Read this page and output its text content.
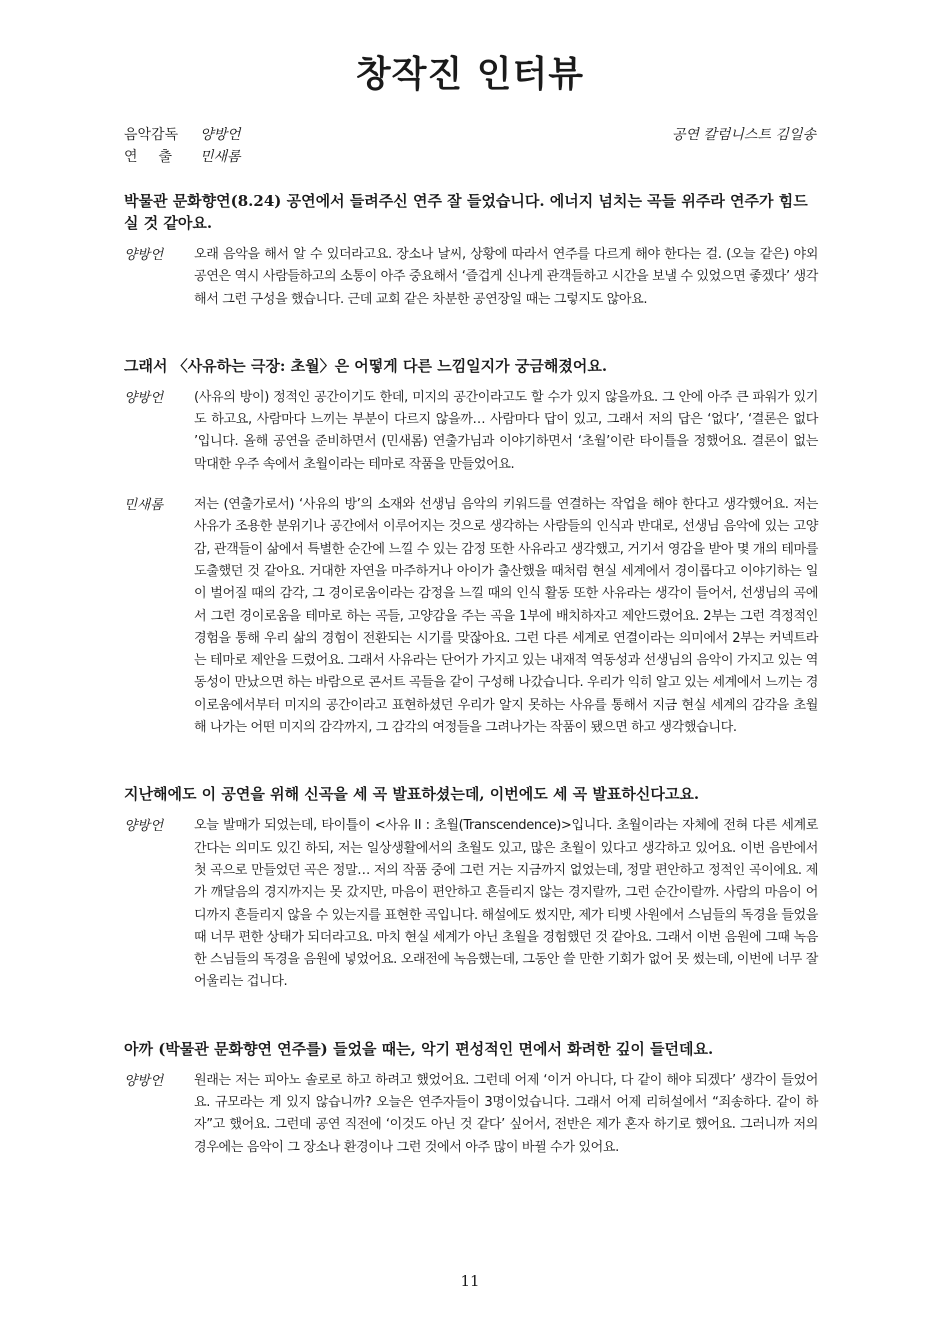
창작진 인터뷰
음악감독	양방언
연출 민새롬
공연 칼럼니스트 김일송

박물관 문화향연(8.24) 공연에서 들려주신 연주 잘 들었습니다. 에너지 넘치는 곡들 위주라 연주가 힘드실 것 같아요.

양방언	오래 음악을 해서 알 수 있더라고요. 장소나 날씨, 상황에 따라서 연주를 다르게 해야 한다는 걸. (오늘 같은) 야외 공연은 역시 사람들하고의 소통이 아주 중요해서 ‘즐겁게 신나게 관객들하고 시간을 보낼 수 있었으면 좋겠다’ 생각해서 그런 구성을 했습니다. 근데 교회 같은 차분한 공연장일 때는 그렇지도 않아요.

그래서 〈사유하는 극장: 초월〉은 어떻게 다른 느낌일지가 궁금해졌어요.

양방언	(사유의 방이) 정적인 공간이기도 한데, 미지의 공간이라고도 할 수가 있지 않을까요. 그 안에 아주 큰 파워가 있기도 하고요, 사람마다 느끼는 부분이 다르지 않을까… 사람마다 답이 있고, 그래서 저의 답은 ‘없다’, ‘결론은 없다 ’입니다. 올해 공연을 준비하면서 (민새롬) 연출가님과 이야기하면서 ‘초월’이란 타이틀을 정했어요. 결론이 없는 막대한 우주 속에서 초월이라는 테마로 작품을 만들었어요.

민새롬	저는 (연출가로서) ‘사유의 방’의 소재와 선생님 음악의 키워드를 연결하는 작업을 해야 한다고 생각했어요. 저는 사유가 조용한 분위기나 공간에서 이루어지는 것으로 생각하는 사람들의 인식과 반대로, 선생님 음악에 있는 고양감, 관객들이 삶에서 특별한 순간에 느낄 수 있는 감정 또한 사유라고 생각했고, 거기서 영감을 받아 몇 개의 테마를 도출했던 것 같아요. 거대한 자연을 마주하거나 아이가 출산했을 때처럼 현실 세계에서 경이롭다고 이야기하는 일이 벌어질 때의 감각, 그 경이로움이라는 감정을 느낄 때의 인식 활동 또한 사유라는 생각이 들어서, 선생님의 곡에서 그런 경이로움을 테마로 하는 곡들, 고양감을 주는 곡을 1부에 배치하자고 제안드렸어요. 2부는 그런 격정적인 경험을 통해 우리 삶의 경험이 전환되는 시기를 맞잖아요. 그런 다른 세계로 연결이라는 의미에서 2부는 커넥트라는 테마로 제안을 드렸어요. 그래서 사유라는 단어가 가지고 있는 내재적 역동성과 선생님의 음악이 가지고 있는 역동성이 만났으면 하는 바람으로 콘서트 곡들을 같이 구성해 나갔습니다. 우리가 익히 알고 있는 세계에서 느끼는 경이로움에서부터 미지의 공간이라고 표현하셨던 우리가 알지 못하는 사유를 통해서 지금 현실 세계의 감각을 초월해 나가는 어떤 미지의 감각까지, 그 감각의 여정들을 그려나가는 작품이 됐으면 하고 생각했습니다.

지난해에도 이 공연을 위해 신곡을 세 곡 발표하셨는데, 이번에도 세 곡 발표하신다고요.

양방언	오늘 발매가 되었는데, 타이틀이 <사유 II : 초월(Transcendence)>입니다. 초월이라는 자체에 전혀 다른 세계로 간다는 의미도 있긴 하되, 저는 일상생활에서의 초월도 있고, 많은 초월이 있다고 생각하고 있어요. 이번 음반에서 첫 곡으로 만들었던 곡은 정말… 저의 작품 중에 그런 거는 지금까지 없었는데, 정말 편안하고 정적인 곡이에요. 제가 깨달음의 경지까지는 못 갔지만, 마음이 편안하고 흔들리지 않는 경지랄까, 그런 순간이랄까. 사람의 마음이 어디까지 흔들리지 않을 수 있는지를 표현한 곡입니다. 해설에도 썼지만, 제가 티벳 사원에서 스님들의 독경을 들었을 때 너무 편한 상태가 되더라고요. 마치 현실 세계가 아닌 초월을 경험했던 것 같아요. 그래서 이번 음원에 그때 녹음한 스님들의 독경을 음원에 넣었어요. 오래전에 녹음했는데, 그동안 쓸 만한 기회가 없어 못 썼는데, 이번에 너무 잘 어울리는 겁니다.

아까 (박물관 문화향연 연주를) 들었을 때는, 악기 편성적인 면에서 화려한 깊이 들던데요.

양방언	원래는 저는 피아노 솔로로 하고 하려고 했었어요. 그런데 어제 ‘이거 아니다, 다 같이 해야 되겠다’ 생각이 들었어요. 규모라는 게 있지 않습니까? 오늘은 연주자들이 3명이었습니다. 그래서 어제 리허설에서 “죄송하다. 같이 하자”고 했어요. 그런데 공연 직전에 ‘이것도 아닌 것 같다’ 싶어서, 전반은 제가 혼자 하기로 했어요. 그러니까 저의 경우에는 음악이 그 장소나 환경이나 그런 것에서 아주 많이 바뀔 수가 있어요.

11
